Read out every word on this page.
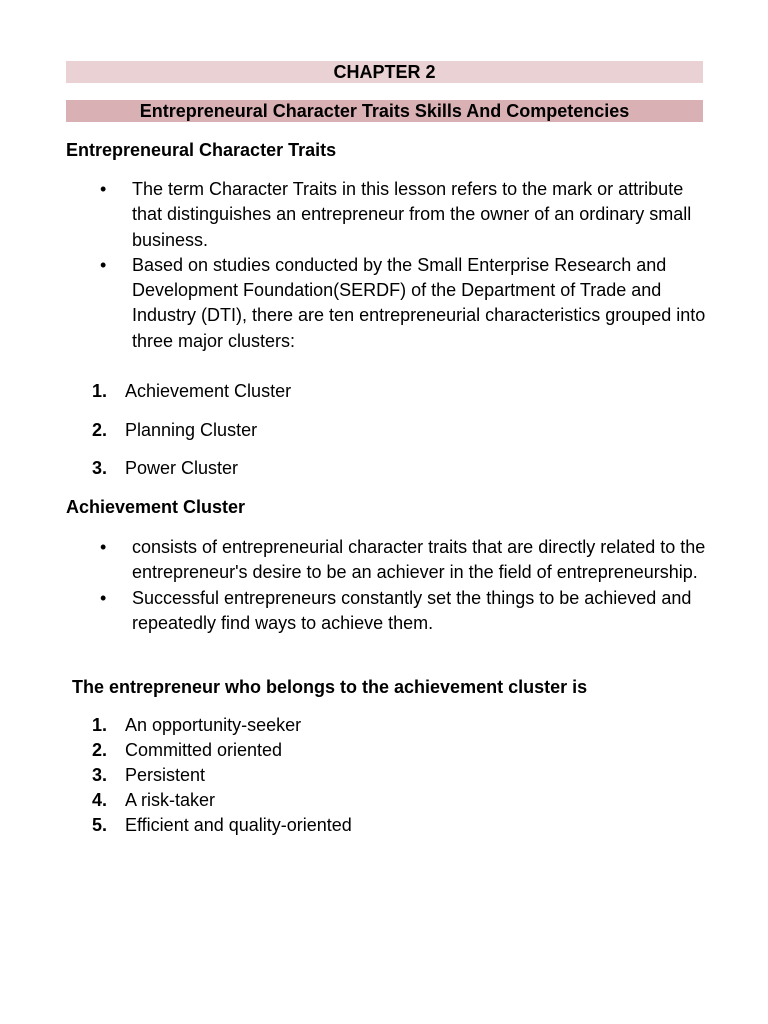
CHAPTER 2
Entrepreneural Character Traits Skills And Competencies
Entrepreneural Character Traits
•	The term Character Traits in this lesson refers to the mark or attribute that distinguishes an entrepreneur from the owner of an ordinary small business.
•	Based on studies conducted by the Small Enterprise Research and Development Foundation(SERDF) of the Department of Trade and Industry (DTI), there are ten entrepreneurial characteristics grouped into three major clusters:
1. Achievement Cluster
2. Planning Cluster
3. Power Cluster
Achievement Cluster
•	consists of entrepreneurial character traits that are directly related to the entrepreneur's desire to be an achiever in the field of entrepreneurship.
•	Successful entrepreneurs constantly set the things to be achieved and repeatedly find ways to achieve them.
The entrepreneur who belongs to the achievement cluster is
1. An opportunity-seeker
2. Committed oriented
3. Persistent
4. A risk-taker
5. Efficient and quality-oriented
